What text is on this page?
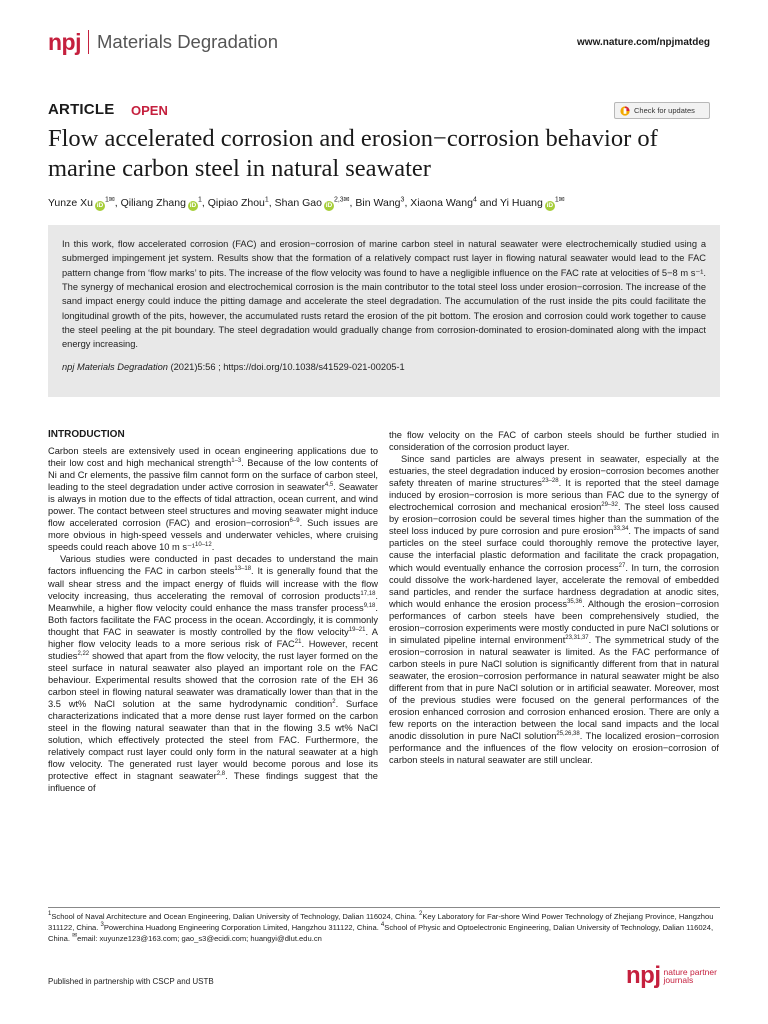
npj Materials Degradation	www.nature.com/npjmatdeg
ARTICLE OPEN	Check for updates
Flow accelerated corrosion and erosion−corrosion behavior of marine carbon steel in natural seawater
Yunze Xu $iD^{1✉}$, Qiliang Zhang $iD^1$, Qipiao Zhou$^1$, Shan Gao $iD^{2,3✉}$, Bin Wang$^3$, Xiaona Wang$^4$ and Yi Huang $iD^{1✉}$

In this work, flow accelerated corrosion (FAC) and erosion−corrosion of marine carbon steel in natural seawater were electrochemically studied using a submerged impingement jet system. Results show that the formation of a relatively compact rust layer in flowing natural seawater would lead to the FAC pattern change from ‘flow marks’ to pits. The increase of the flow velocity was found to have a negligible influence on the FAC rate at velocities of 5−8 m s⁻¹. The synergy of mechanical erosion and electrochemical corrosion is the main contributor to the total steel loss under erosion−corrosion. The increase of the sand impact energy could induce the pitting damage and accelerate the steel degradation. The accumulation of the rust inside the pits could facilitate the longitudinal growth of the pits, however, the accumulated rusts retard the erosion of the pit bottom. The erosion and corrosion could work together to cause the steel peeling at the pit boundary. The steel degradation would gradually change from corrosion-dominated to erosion-dominated along with the impact energy increasing.

npj Materials Degradation (2021)5:56 ; https://doi.org/10.1038/s41529-021-00205-1

INTRODUCTION

Carbon steels are extensively used in ocean engineering applications due to their low cost and high mechanical strength$^{1-3}$. Because of the low contents of Ni and Cr elements, the passive film cannot form on the surface of carbon steel, leading to the steel degradation under active corrosion in seawater$^{4,5}$. Seawater is always in motion due to the effects of tidal attraction, ocean current, and wind power. The contact between steel structures and moving seawater might induce flow accelerated corrosion (FAC) and erosion−corrosion$^{6-9}$. Such issues are more obvious in high-speed vessels and underwater vehicles, where cruising speeds could reach above 10 m s⁻¹$^{10-12}$.

Various studies were conducted in past decades to understand the main factors influencing the FAC in carbon steels$^{13-18}$. It is generally found that the wall shear stress and the impact energy of fluids will increase with the flow velocity increasing, thus accelerating the removal of corrosion products$^{17,18}$. Meanwhile, a higher flow velocity could enhance the mass transfer process$^{9,18}$. Both factors facilitate the FAC process in the ocean. Accordingly, it is commonly thought that FAC in seawater is mostly controlled by the flow velocity$^{19-21}$. A higher flow velocity leads to a more serious risk of FAC$^{21}$. However, recent studies$^{2,22}$ showed that apart from the flow velocity, the rust layer formed on the steel surface in natural seawater also played an important role on the FAC behaviour. Experimental results showed that the corrosion rate of the EH 36 carbon steel in flowing natural seawater was dramatically lower than that in the 3.5 wt% NaCl solution at the same hydrodynamic condition$^2$. Surface characterizations indicated that a more dense rust layer formed on the carbon steel in the flowing natural seawater than that in the flowing 3.5 wt% NaCl solution, which effectively protected the steel from FAC. Furthermore, the relatively compact rust layer could only form in the natural seawater at a high flow velocity. The generated rust layer would become porous and lose its protective effect in stagnant seawater$^{2,8}$. These findings suggest that the influence of

the flow velocity on the FAC of carbon steels should be further studied in consideration of the corrosion product layer.

Since sand particles are always present in seawater, especially at the estuaries, the steel degradation induced by erosion−corrosion becomes another safety threaten of marine structures$^{23-28}$. It is reported that the steel damage induced by erosion−corrosion is more serious than FAC due to the synergy of electrochemical corrosion and mechanical erosion$^{29-32}$. The steel loss caused by erosion−corrosion could be several times higher than the summation of the steel loss induced by pure corrosion and pure erosion$^{33,34}$. The impacts of sand particles on the steel surface could thoroughly remove the protective layer, cause the interfacial plastic deformation and facilitate the crack propagation, which would eventually enhance the corrosion process$^{27}$. In turn, the corrosion could dissolve the work-hardened layer, accelerate the removal of embedded sand particles, and render the surface hardness degradation at anodic sites, which would enhance the erosion process$^{35,36}$. Although the erosion−corrosion performances of carbon steels have been comprehensively studied, the erosion−corrosion experiments were mostly conducted in pure NaCl solutions or in simulated pipeline internal environment$^{23,31,37}$. The symmetrical study of the erosion−corrosion in natural seawater is limited. As the FAC performance of carbon steels in pure NaCl solution is significantly different from that in natural seawater, the erosion−corrosion performance in natural seawater might be also different from that in pure NaCl solution or in artificial seawater. Moreover, most of the previous studies were focused on the general performances of the erosion enhanced corrosion and corrosion enhanced erosion. There are only a few reports on the interaction between the local sand impacts and the local anodic dissolution in pure NaCl solution$^{25,26,38}$. The localized erosion−corrosion performance and the influences of the flow velocity on erosion−corrosion of carbon steels in natural seawater are still unclear.

$^1$School of Naval Architecture and Ocean Engineering, Dalian University of Technology, Dalian 116024, China. $^2$Key Laboratory for Far-shore Wind Power Technology of Zhejiang Province, Hangzhou 311122, China. $^3$Powerchina Huadong Engineering Corporation Limited, Hangzhou 311122, China. $^4$School of Physic and Optoelectronic Engineering, Dalian University of Technology, Dalian 116024, China. ✉email: xuyunze123@163.com; gao_s3@ecidi.com; huangyi@dlut.edu.cn
Published in partnership with CSCP and USTB	npj nature partner
journals
